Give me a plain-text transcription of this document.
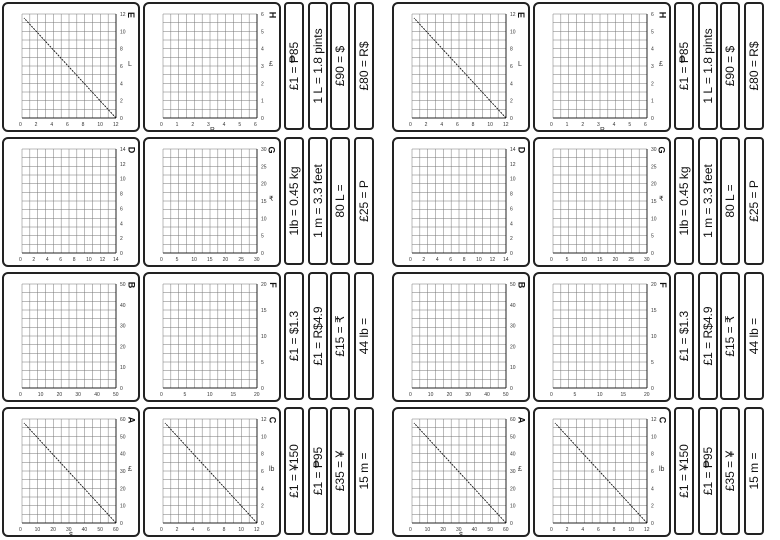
0
0
10
10
20
20
30
30
40
40
50
50
60
60
£
$
A
0
0
10
10
20
20
30
30
40
40
50
50
B
0
0
2
2
4
4
6
6
8
8
10
10
12
12
lb
C
0
0
2
2
4
4
6
6
8
8
10
10
12
12
14
14
D
0
0
2
2
4
4
6
6
8
8
10
10
12
12
L
E
0
0
5
5
10
10
15
15
20
20
F
0
0
5
5
10
10
15
15
20
20
25
25
30
30
₹
G
0
0
1
1
2
2
3
3
4
4
5
5
6
6
£
P
H
£1 = ¥150 £1 = ₱95 £35 = ¥ 15 m =
£1 = $1.3 £1 = R$4.9 £15 = ₹ 44 lb =
1lb = 0.45 kg 1 m = 3.3 feet 80 L = £25 = P
£1 = ₱85 1 L = 1.8 pints £90 = $ £80 = R$
0
0
10
10
20
20
30
30
40
40
50
50
60
60
£
$
A
0
0
10
10
20
20
30
30
40
40
50
50
B
0
0
2
2
4
4
6
6
8
8
10
10
12
12
lb
C
0
0
2
2
4
4
6
6
8
8
10
10
12
12
14
14
D
0
0
2
2
4
4
6
6
8
8
10
10
12
12
L
E
0
0
5
5
10
10
15
15
20
20
F
0
0
5
5
10
10
15
15
20
20
25
25
30
30
₹
G
0
0
1
1
2
2
3
3
4
4
5
5
6
6
£
P
H
£1 = ¥150 £1 = ₱95 £35 = ¥ 15 m =
£1 = $1.3 £1 = R$4.9 £15 = ₹ 44 lb =
1lb = 0.45 kg 1 m = 3.3 feet 80 L = £25 = P
£1 = ₱85 1 L = 1.8 pints £90 = $ £80 = R$
